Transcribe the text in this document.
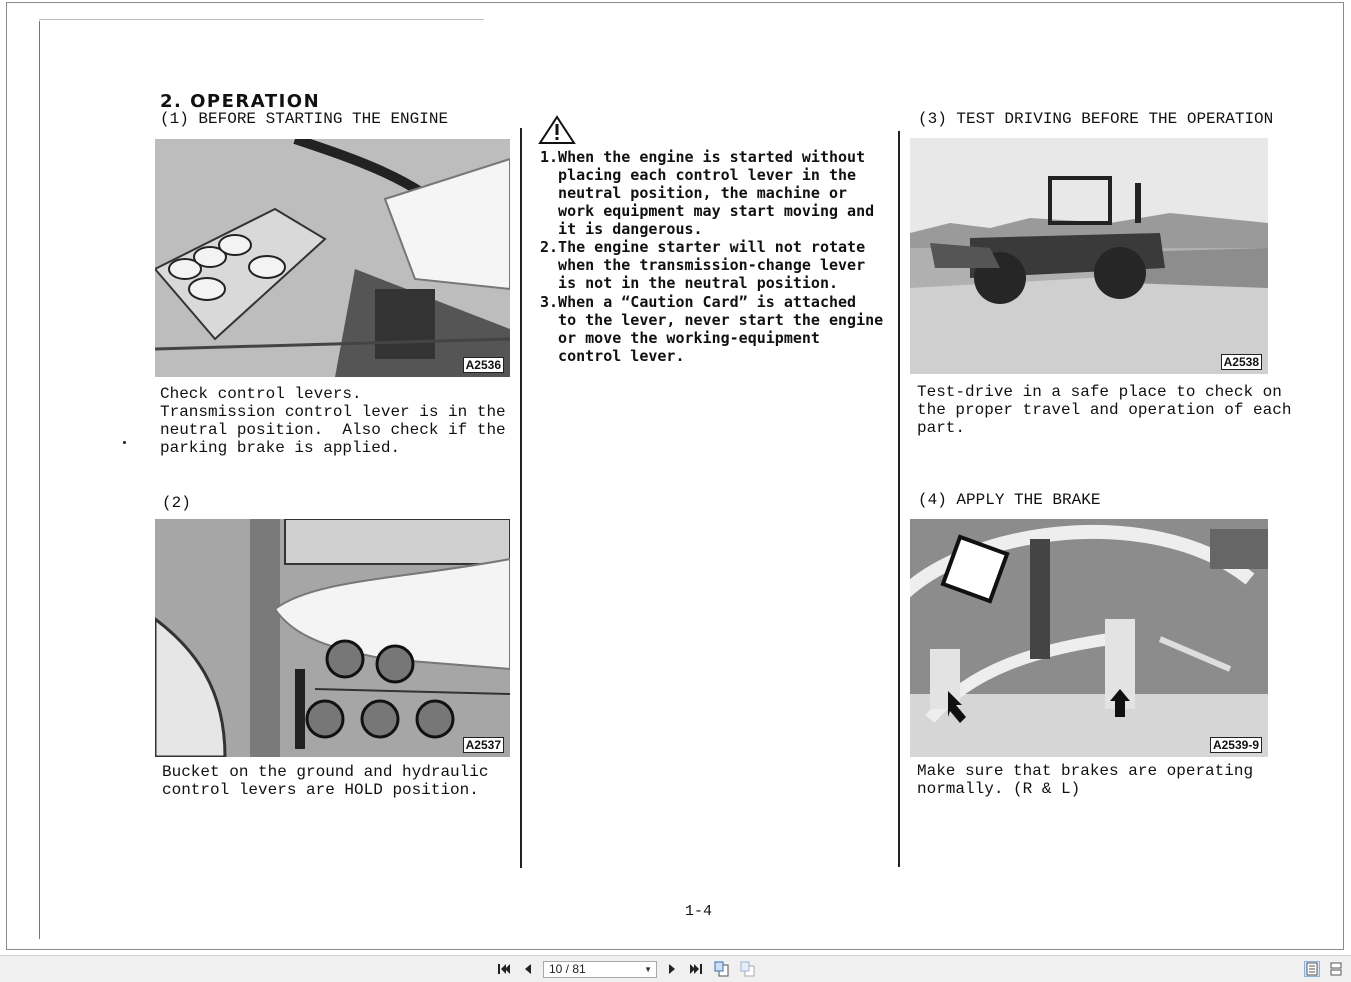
2. OPERATION
(1) BEFORE STARTING THE ENGINE
A2536
Check control levers.
Transmission control lever is in the
neutral position.  Also check if the
parking brake is applied.
(2)
A2537
Bucket on the ground and hydraulic
control levers are HOLD position.
1.When the engine is started without
placing each control lever in the
neutral position, the machine or
work equipment may start moving and
it is dangerous.
2.The engine starter will not rotate
when the transmission-change lever
is not in the neutral position.
3.When a “Caution Card” is attached
to the lever, never start the engine
or move the working-equipment
control lever.
(3) TEST DRIVING BEFORE THE OPERATION
A2538
Test-drive in a safe place to check on
the proper travel and operation of each
part.
(4) APPLY THE BRAKE
A2539-9
Make sure that brakes are operating
normally. (R & L)
1-4
10 / 81	▼
